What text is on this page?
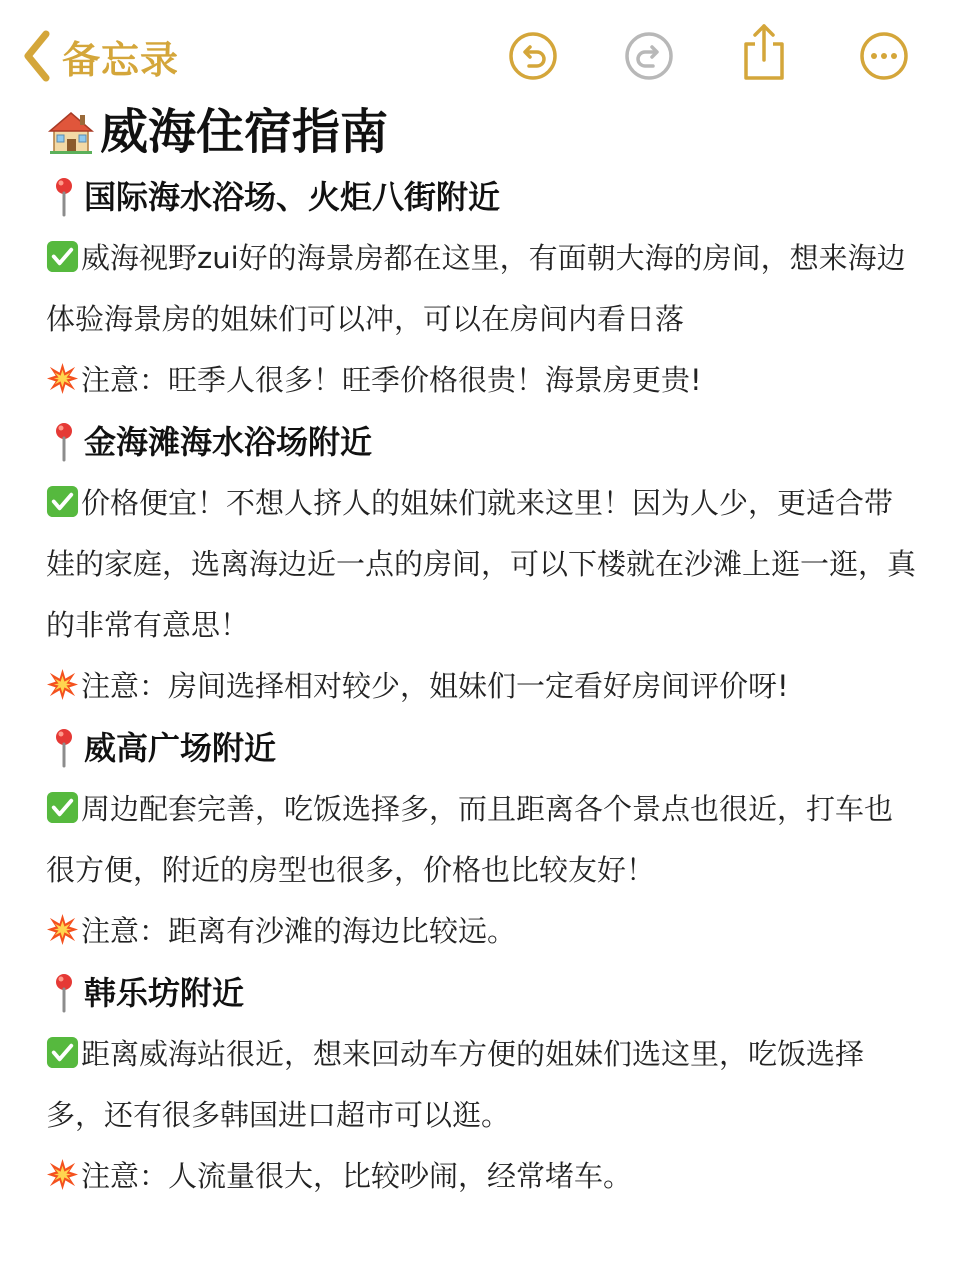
备忘录
威海住宿指南
国际海水浴场、火炬八街附近
威海视野zui好的海景房都在这里，有面朝大海的房间，想来海边体验海景房的姐妹们可以冲，可以在房间内看日落
注意：旺季人很多！旺季价格很贵！海景房更贵!
金海滩海水浴场附近
价格便宜！不想人挤人的姐妹们就来这里！因为人少，更适合带娃的家庭，选离海边近一点的房间，可以下楼就在沙滩上逛一逛，真的非常有意思！
注意：房间选择相对较少，姐妹们一定看好房间评价呀!
威高广场附近
周边配套完善，吃饭选择多，而且距离各个景点也很近，打车也很方便，附近的房型也很多，价格也比较友好！
注意：距离有沙滩的海边比较远。
韩乐坊附近
距离威海站很近，想来回动车方便的姐妹们选这里，吃饭选择多，还有很多韩国进口超市可以逛。
注意：人流量很大，比较吵闹，经常堵车。
